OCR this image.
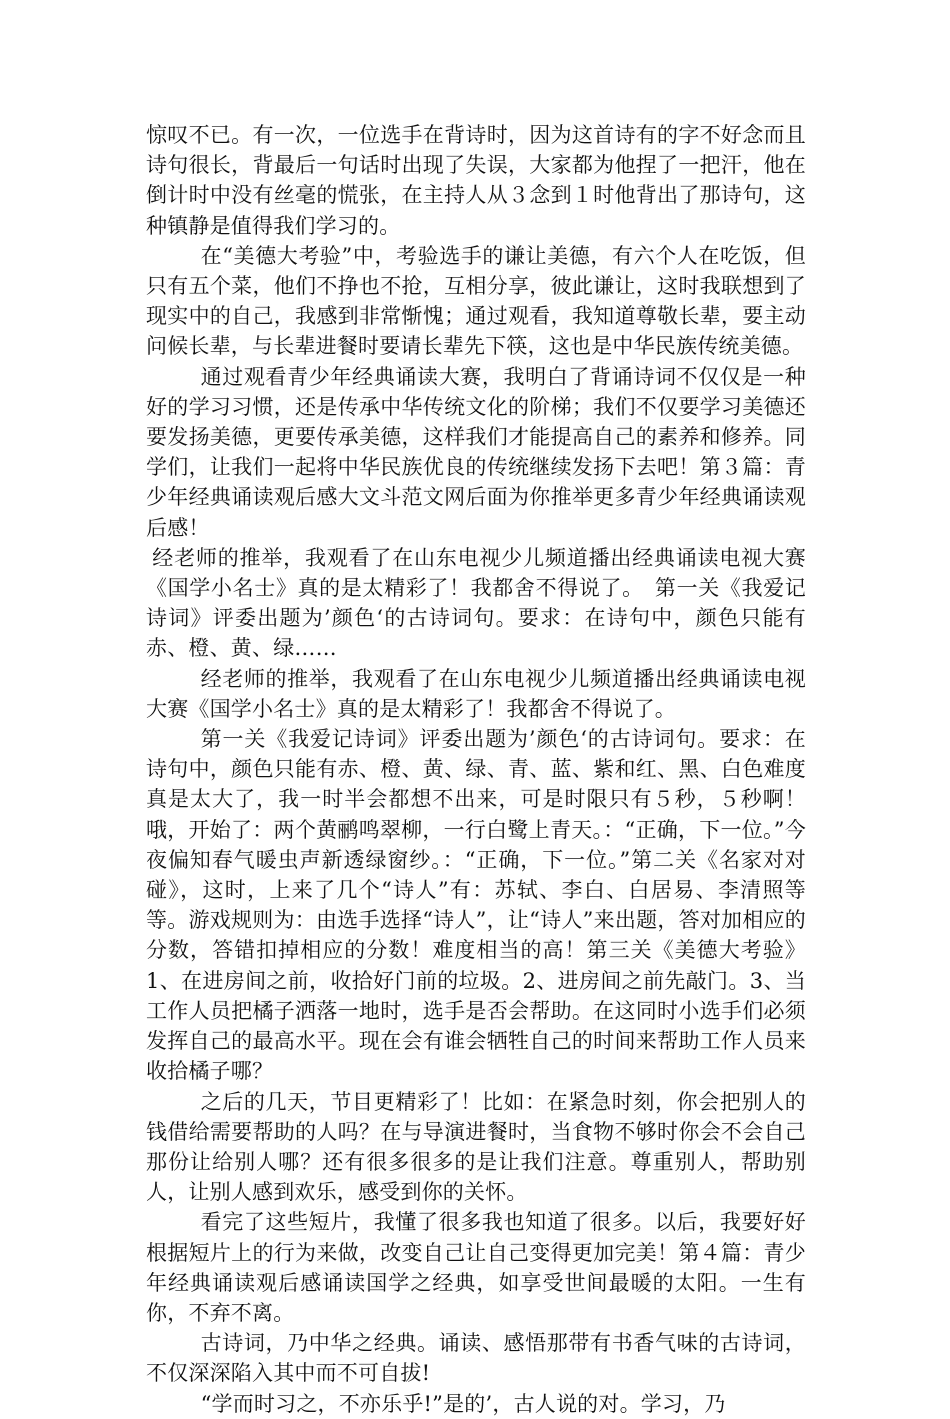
惊叹不已。有一次，一位选手在背诗时，因为这首诗有的字不好念而且诗句很长，背最后一句话时出现了失误，大家都为他捏了一把汗，他在倒计时中没有丝毫的慌张，在主持人从３念到１时他背出了那诗句，这种镇静是值得我们学习的。

在“美德大考验”中，考验选手的谦让美德，有六个人在吃饭，但只有五个菜，他们不挣也不抢，互相分享，彼此谦让，这时我联想到了现实中的自己，我感到非常惭愧；通过观看，我知道尊敬长辈，要主动问候长辈，与长辈进餐时要请长辈先下筷，这也是中华民族传统美德。

通过观看青少年经典诵读大赛，我明白了背诵诗词不仅仅是一种好的学习习惯，还是传承中华传统文化的阶梯；我们不仅要学习美德还要发扬美德，更要传承美德，这样我们才能提高自己的素养和修养。同学们，让我们一起将中华民族优良的传统继续发扬下去吧！第３篇：青少年经典诵读观后感大文斗范文网后面为你推举更多青少年经典诵读观后感！

经老师的推举，我观看了在山东电视少儿频道播出经典诵读电视大赛《国学小名士》真的是太精彩了！我都舍不得说了。　第一关《我爱记诗词》评委出题为’颜色‘的古诗词句。要求：在诗句中，颜色只能有赤、橙、黄、绿……

经老师的推举，我观看了在山东电视少儿频道播出经典诵读电视大赛《国学小名士》真的是太精彩了！我都舍不得说了。

第一关《我爱记诗词》评委出题为’颜色‘的古诗词句。要求：在诗句中，颜色只能有赤、橙、黄、绿、青、蓝、紫和红、黑、白色难度真是太大了，我一时半会都想不出来，可是时限只有５秒，５秒啊！哦，开始了：两个黄鹂鸣翠柳，一行白鹭上青天。：“正确，下一位。”今夜偏知春气暖虫声新透绿窗纱。：“正确，下一位。”第二关《名家对对碰》，这时，上来了几个“诗人”有：苏轼、李白、白居易、李清照等等。游戏规则为：由选手选择“诗人”，让“诗人”来出题，答对加相应的分数，答错扣掉相应的分数！难度相当的高！第三关《美德大考验》1、在进房间之前，收拾好门前的垃圾。2、进房间之前先敲门。3、当工作人员把橘子洒落一地时，选手是否会帮助。在这同时小选手们必须发挥自己的最高水平。现在会有谁会牺牲自己的时间来帮助工作人员来收拾橘子哪？

之后的几天，节目更精彩了！比如：在紧急时刻，你会把别人的钱借给需要帮助的人吗？在与导演进餐时，当食物不够时你会不会自己那份让给别人哪？还有很多很多的是让我们注意。尊重别人，帮助别人，让别人感到欢乐，感受到你的关怀。

看完了这些短片，我懂了很多我也知道了很多。以后，我要好好根据短片上的行为来做，改变自己让自己变得更加完美！第４篇：青少年经典诵读观后感诵读国学之经典，如享受世间最暖的太阳。一生有你，不弃不离。

古诗词，乃中华之经典。诵读、感悟那带有书香气味的古诗词，不仅深深陷入其中而不可自拔!

“学而时习之，不亦乐乎!”是的’，古人说的对。学习，乃
